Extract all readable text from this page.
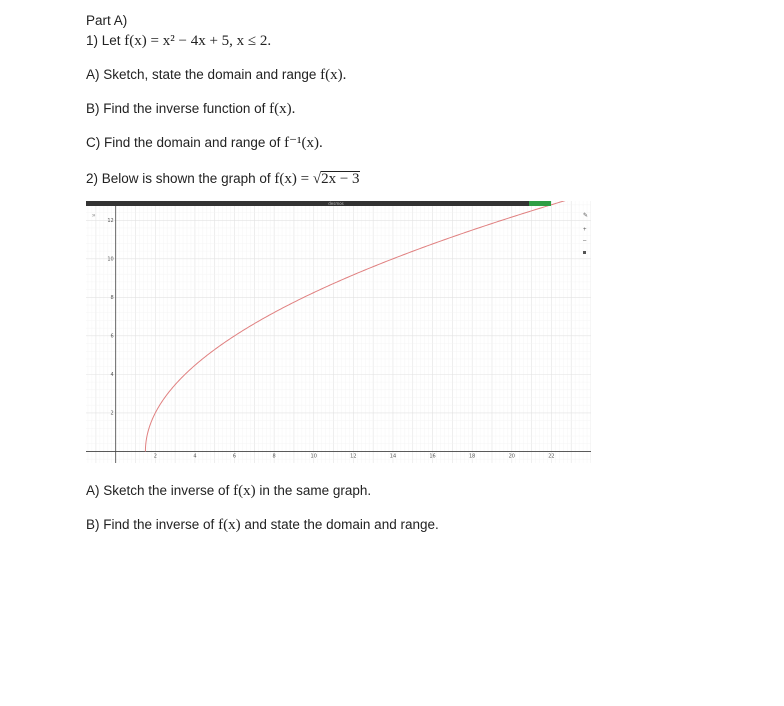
Part A)
1) Let f(x) = x² − 4x + 5, x ≤ 2.
A) Sketch, state the domain and range f(x).
B) Find the inverse function of f(x).
C) Find the domain and range of f⁻¹(x).
2) Below is shown the graph of f(x) = √2x − 3
2	4	6	8	10	12	14	16	18	20	22
2
4
6
8
10
12
desmos
»	✎
+
–
A) Sketch the inverse of f(x) in the same graph.
B) Find the inverse of f(x) and state the domain and range.
